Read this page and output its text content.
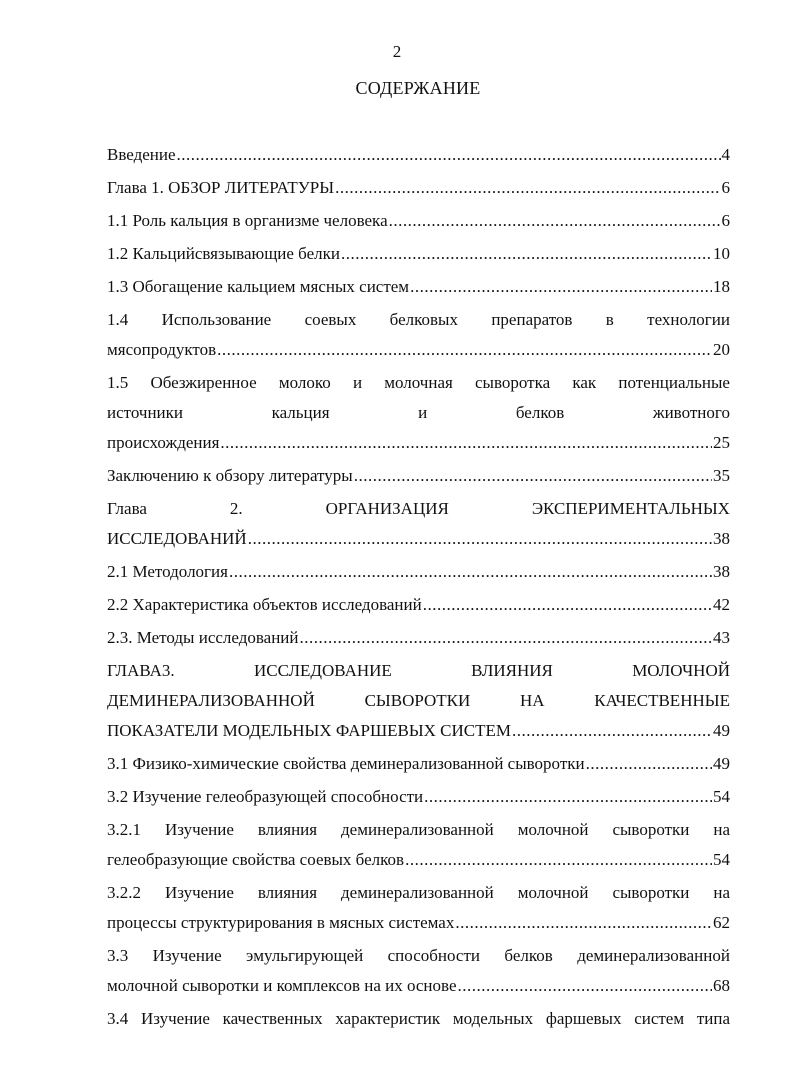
2
СОДЕРЖАНИЕ
Введение .....	4
Глава 1. ОБЗОР ЛИТЕРАТУРЫ .....	6
1.1 Роль кальция в организме человека .....	6
1.2 Кальцийсвязывающие белки .....	10
1.3 Обогащение кальцием мясных систем .....	18
1.4 Использование соевых белковых препаратов в технологии
мясопродуктов .....	20
1.5 Обезжиренное молоко и молочная сыворотка как потенциальные
источники	кальция	и	белков	животного
происхождения .....	25
Заключению к обзору литературы .....	35
Глава	2.	ОРГАНИЗАЦИЯ	ЭКСПЕРИМЕНТАЛЬНЫХ
ИССЛЕДОВАНИЙ .....	38
2.1 Методология .....	38
2.2 Характеристика объектов исследований .....	42
2.3. Методы исследований .....	43
ГЛАВА3.	ИССЛЕДОВАНИЕ	ВЛИЯНИЯ	МОЛОЧНОЙ
ДЕМИНЕРАЛИЗОВАННОЙ	СЫВОРОТКИ	НА	КАЧЕСТВЕННЫЕ
ПОКАЗАТЕЛИ МОДЕЛЬНЫХ ФАРШЕВЫХ СИСТЕМ .....	49
3.1 Физико-химические свойства деминерализованной сыворотки .....	49
3.2 Изучение гелеобразующей способности .....	54
3.2.1 Изучение влияния деминерализованной молочной сыворотки на
гелеобразующие свойства соевых белков .....	54
3.2.2 Изучение влияния деминерализованной молочной сыворотки на
процессы структурирования в мясных системах .....	62
3.3 Изучение эмульгирующей способности белков деминерализованной
молочной сыворотки и комплексов на их основе .....	68
3.4 Изучение качественных характеристик модельных фаршевых систем типа
